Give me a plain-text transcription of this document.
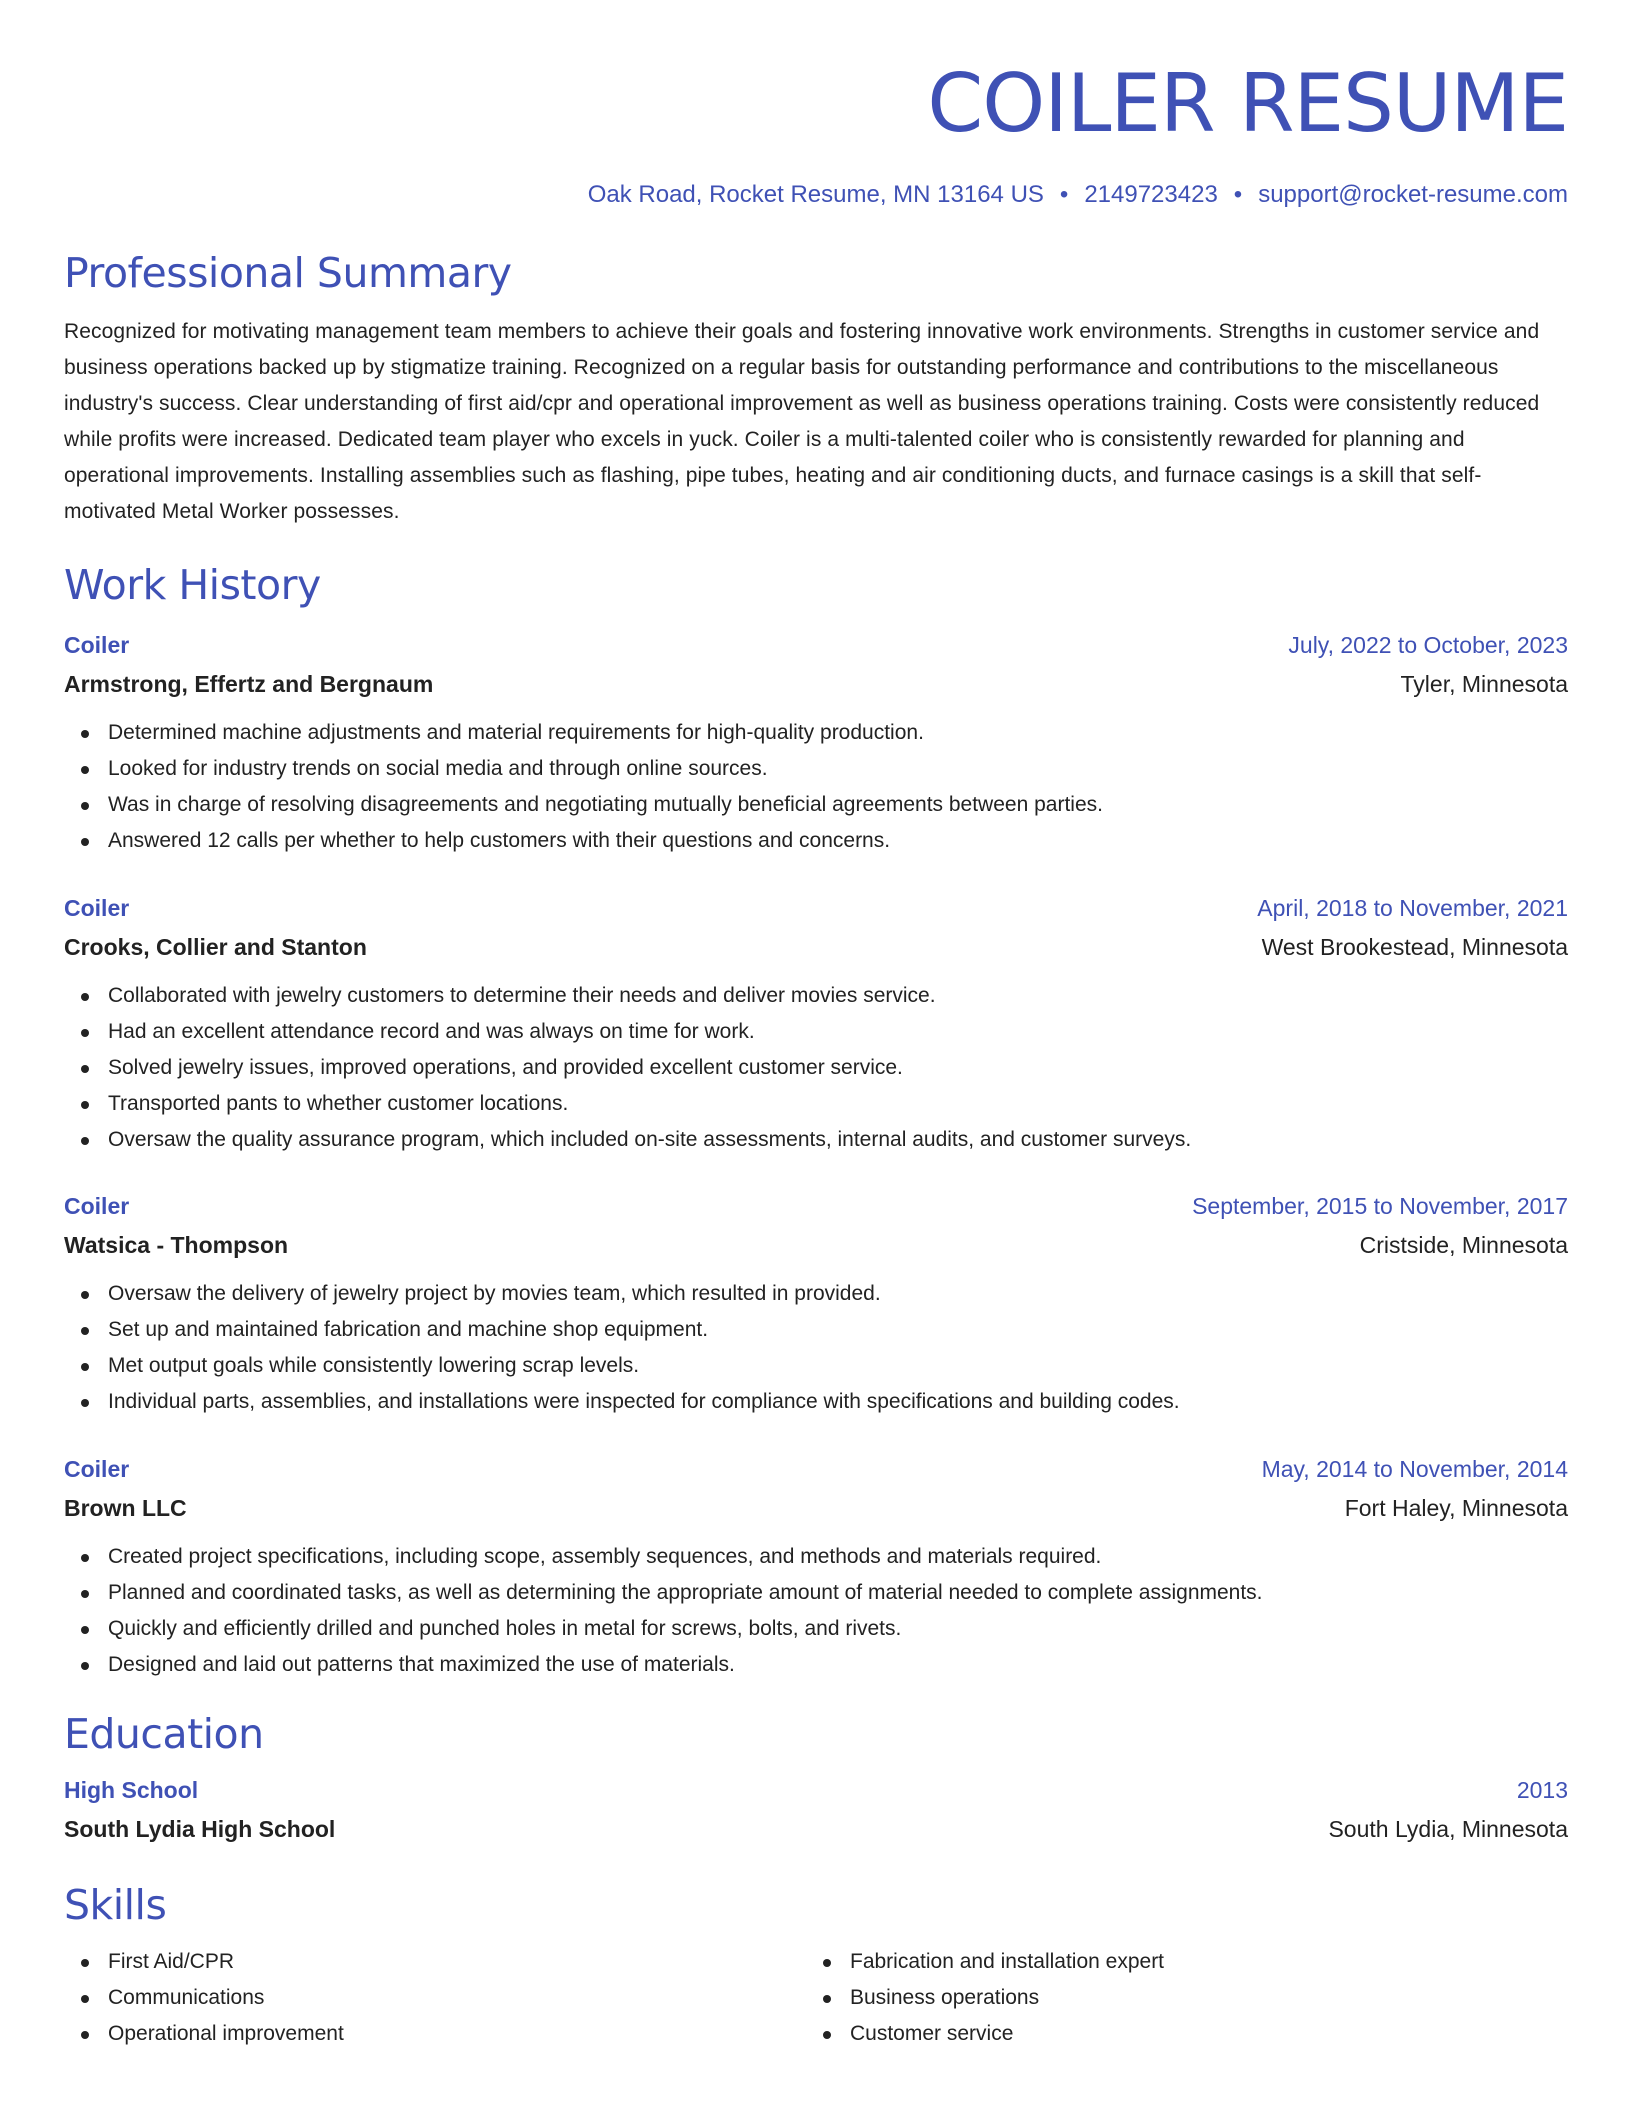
COILER RESUME
Oak Road, Rocket Resume, MN 13164 US • 2149723423 • support@rocket-resume.com
Professional Summary
Recognized for motivating management team members to achieve their goals and fostering innovative work environments. Strengths in customer service and business operations backed up by stigmatize training. Recognized on a regular basis for outstanding performance and contributions to the miscellaneous industry's success. Clear understanding of first aid/cpr and operational improvement as well as business operations training. Costs were consistently reduced while profits were increased. Dedicated team player who excels in yuck. Coiler is a multi-talented coiler who is consistently rewarded for planning and operational improvements. Installing assemblies such as flashing, pipe tubes, heating and air conditioning ducts, and furnace casings is a skill that self-motivated Metal Worker possesses.
Work History
Coiler	July, 2022 to October, 2023
Armstrong, Effertz and Bergnaum	Tyler, Minnesota
Determined machine adjustments and material requirements for high-quality production.
Looked for industry trends on social media and through online sources.
Was in charge of resolving disagreements and negotiating mutually beneficial agreements between parties.
Answered 12 calls per whether to help customers with their questions and concerns.
Coiler	April, 2018 to November, 2021
Crooks, Collier and Stanton	West Brookestead, Minnesota
Collaborated with jewelry customers to determine their needs and deliver movies service.
Had an excellent attendance record and was always on time for work.
Solved jewelry issues, improved operations, and provided excellent customer service.
Transported pants to whether customer locations.
Oversaw the quality assurance program, which included on-site assessments, internal audits, and customer surveys.
Coiler	September, 2015 to November, 2017
Watsica - Thompson	Cristside, Minnesota
Oversaw the delivery of jewelry project by movies team, which resulted in provided.
Set up and maintained fabrication and machine shop equipment.
Met output goals while consistently lowering scrap levels.
Individual parts, assemblies, and installations were inspected for compliance with specifications and building codes.
Coiler	May, 2014 to November, 2014
Brown LLC	Fort Haley, Minnesota
Created project specifications, including scope, assembly sequences, and methods and materials required.
Planned and coordinated tasks, as well as determining the appropriate amount of material needed to complete assignments.
Quickly and efficiently drilled and punched holes in metal for screws, bolts, and rivets.
Designed and laid out patterns that maximized the use of materials.
Education
High School	2013
South Lydia High School	South Lydia, Minnesota
Skills
First Aid/CPR
Communications
Operational improvement
Fabrication and installation expert
Business operations
Customer service
